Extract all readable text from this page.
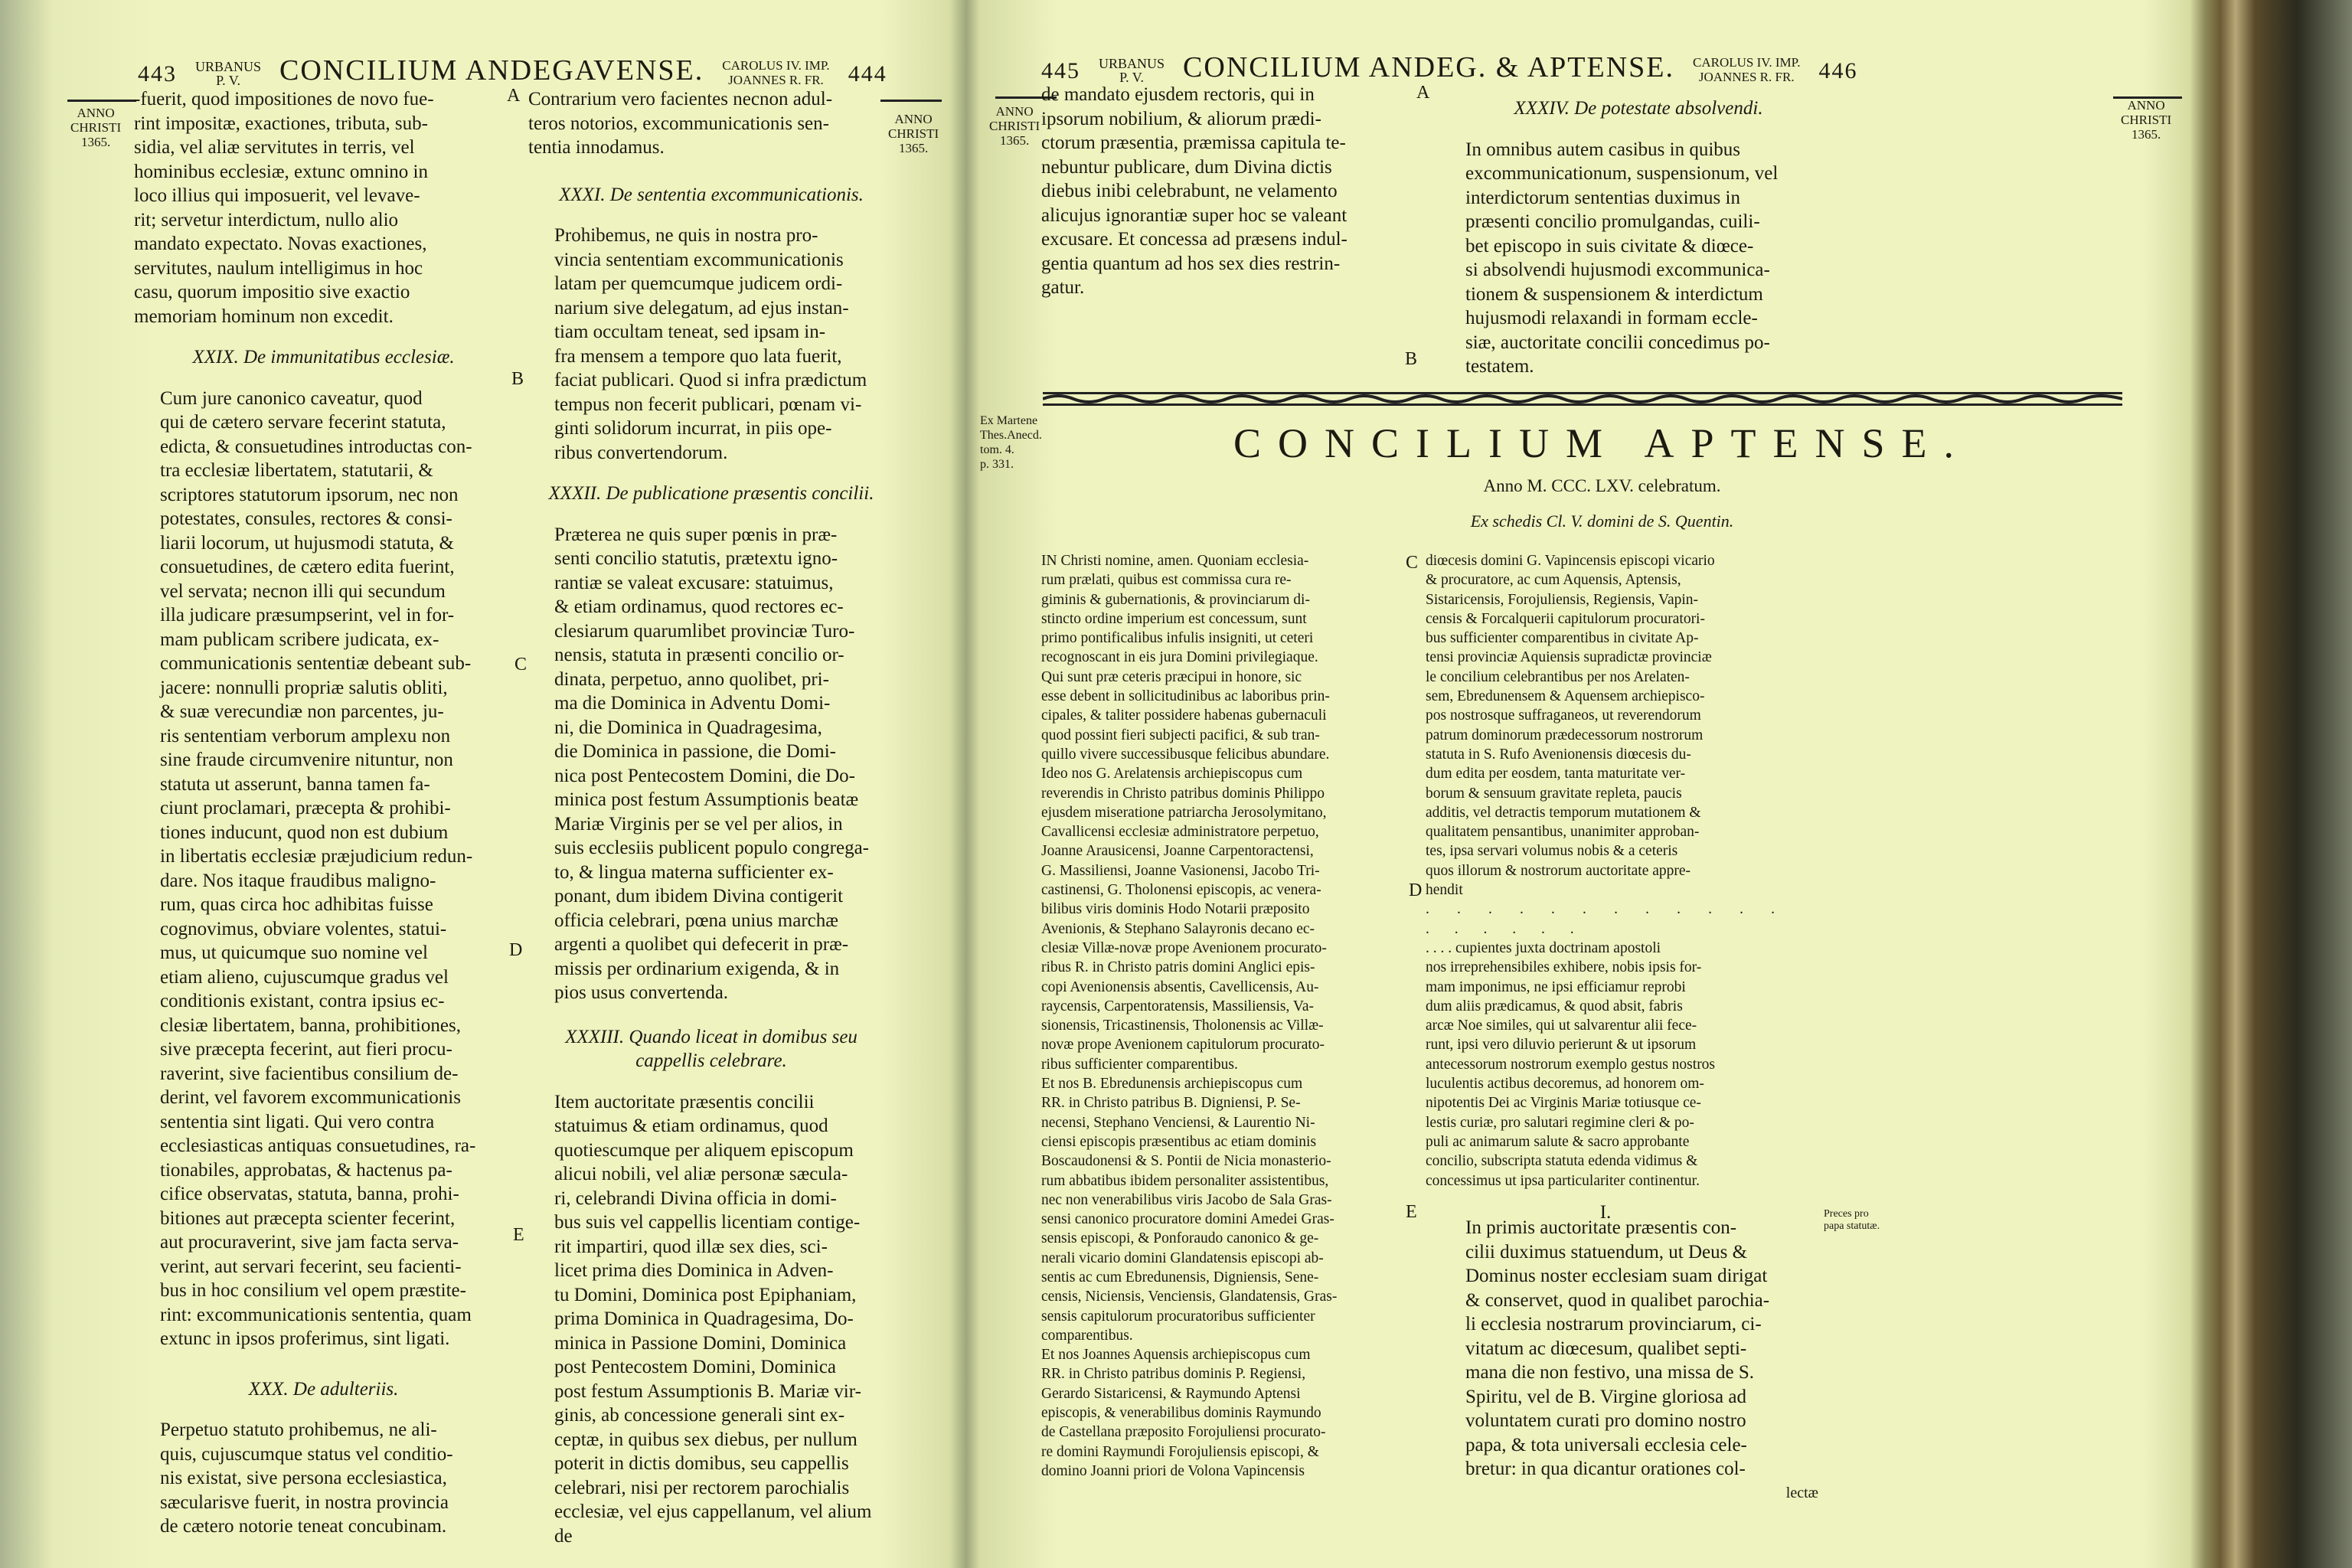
443 URBANUS
P. V.	CONCILIUM ANDEGAVENSE. CAROLUS IV. IMP.
JOANNES R. FR. 444
ANNO
CHRISTI
1365.
ANNO
CHRISTI
1365.
-fuerit, quod impositiones de novo fue-
rint impositæ, exactiones, tributa, sub-
sidia, vel aliæ servitutes in terris, vel
hominibus ecclesiæ, extunc omnino in
loco illius qui imposuerit, vel levave-
rit; servetur interdictum, nullo alio
mandato expectato. Novas exactiones,
servitutes, naulum intelligimus in hoc
casu, quorum impositio sive exactio
memoriam hominum non excedit.

XXIX. De immunitatibus ecclesiæ.

Cum jure canonico caveatur, quod
qui de cætero servare fecerint statuta,
edicta, & consuetudines introductas con-
tra ecclesiæ libertatem, statutarii, &
scriptores statutorum ipsorum, nec non
potestates, consules, rectores & consi-
liarii locorum, ut hujusmodi statuta, &
consuetudines, de cætero edita fuerint,
vel servata; necnon illi qui secundum
illa judicare præsumpserint, vel in for-
mam publicam scribere judicata, ex-
communicationis sententiæ debeant sub-
jacere: nonnulli propriæ salutis obliti,
& suæ verecundiæ non parcentes, ju-
ris sententiam verborum amplexu non
sine fraude circumvenire nituntur, non
statuta ut asserunt, banna tamen fa-
ciunt proclamari, præcepta & prohibi-
tiones inducunt, quod non est dubium
in libertatis ecclesiæ præjudicium redun-
dare. Nos itaque fraudibus maligno-
rum, quas circa hoc adhibitas fuisse
cognovimus, obviare volentes, statui-
mus, ut quicumque suo nomine vel
etiam alieno, cujuscumque gradus vel
conditionis existant, contra ipsius ec-
clesiæ libertatem, banna, prohibitiones,
sive præcepta fecerint, aut fieri procu-
raverint, sive facientibus consilium de-
derint, vel favorem excommunicationis
sententia sint ligati. Qui vero contra
ecclesiasticas antiquas consuetudines, ra-
tionabiles, approbatas, & hactenus pa-
cifice observatas, statuta, banna, prohi-
bitiones aut præcepta scienter fecerint,
aut procuraverint, sive jam facta serva-
verint, aut servari fecerint, seu facienti-
bus in hoc consilium vel opem præstite-
rint: excommunicationis sententia, quam
extunc in ipsos proferimus, sint ligati.

XXX. De adulteriis.

Perpetuo statuto prohibemus, ne ali-
quis, cujuscumque status vel conditio-
nis existat, sive persona ecclesiastica,
sæcularisve fuerit, in nostra provincia
de cætero notorie teneat concubinam.
Contrarium vero facientes necnon adul-
teros notorios, excommunicationis sen-
tentia innodamus.

XXXI. De sententia excommunicationis.

Prohibemus, ne quis in nostra pro-
vincia sententiam excommunicationis
latam per quemcumque judicem ordi-
narium sive delegatum, ad ejus instan-
tiam occultam teneat, sed ipsam in-
fra mensem a tempore quo lata fuerit,
faciat publicari. Quod si infra prædictum
tempus non fecerit publicari, pœnam vi-
ginti solidorum incurrat, in piis ope-
ribus convertendorum.

XXXII. De publicatione præsentis concilii.

Præterea ne quis super pœnis in præ-
senti concilio statutis, prætextu igno-
rantiæ se valeat excusare: statuimus,
& etiam ordinamus, quod rectores ec-
clesiarum quarumlibet provinciæ Turo-
nensis, statuta in præsenti concilio or-
dinata, perpetuo, anno quolibet, pri-
ma die Dominica in Adventu Domi-
ni, die Dominica in Quadragesima,
die Dominica in passione, die Domi-
nica post Pentecostem Domini, die Do-
minica post festum Assumptionis beatæ
Mariæ Virginis per se vel per alios, in
suis ecclesiis publicent populo congrega-
to, & lingua materna sufficienter ex-
ponant, dum ibidem Divina contigerit
officia celebrari, pœna unius marchæ
argenti a quolibet qui defecerit in præ-
missis per ordinarium exigenda, & in
pios usus convertenda.

XXXIII. Quando liceat in domibus seu

cappellis celebrare.

Item auctoritate præsentis concilii
statuimus & etiam ordinamus, quod
quotiescumque per aliquem episcopum
alicui nobili, vel aliæ personæ sæcula-
ri, celebrandi Divina officia in domi-
bus suis vel cappellis licentiam contige-
rit impartiri, quod illæ sex dies, sci-
licet prima dies Dominica in Adven-
tu Domini, Dominica post Epiphaniam,
prima Dominica in Quadragesima, Do-
minica in Passione Domini, Dominica
post Pentecostem Domini, Dominica
post festum Assumptionis B. Mariæ vir-
ginis, ab concessione generali sint ex-
ceptæ, in quibus sex diebus, per nullum
poterit in dictis domibus, seu cappellis
celebrari, nisi per rectorem parochialis
ecclesiæ, vel ejus cappellanum, vel alium
de
A
B
C
D
E
445 URBANUS
P. V.	CONCILIUM ANDEG. & APTENSE. CAROLUS IV. IMP.
JOANNES R. FR. 446
ANNO
CHRISTI
1365.
ANNO
CHRISTI
1365.
de mandato ejusdem rectoris, qui in
ipsorum nobilium, & aliorum prædi-
ctorum præsentia, præmissa capitula te-
nebuntur publicare, dum Divina dictis
diebus inibi celebrabunt, ne velamento
alicujus ignorantiæ super hoc se valeant
excusare. Et concessa ad præsens indul-
gentia quantum ad hos sex dies restrin-
gatur.

XXXIV. De potestate absolvendi.

In omnibus autem casibus in quibus
excommunicationum, suspensionum, vel
interdictorum sententias duximus in
præsenti concilio promulgandas, cuili-
bet episcopo in suis civitate & diœce-
si absolvendi hujusmodi excommunica-
tionem & suspensionem & interdictum
hujusmodi relaxandi in formam eccle-
siæ, auctoritate concilii concedimus po-
testatem.
A
B
Ex Martene
Thes.Anecd.
tom. 4.
p. 331.	CONCILIUM APTENSE.
Anno M. CCC. LXV. celebratum.
Ex schedis Cl. V. domini de S. Quentin.
IN Christi nomine, amen. Quoniam ecclesia-
rum prælati, quibus est commissa cura re-
giminis & gubernationis, & provinciarum di-
stincto ordine imperium est concessum, sunt
primo pontificalibus infulis insigniti, ut ceteri
recognoscant in eis jura Domini privilegiaque.
Qui sunt præ ceteris præcipui in honore, sic
esse debent in sollicitudinibus ac laboribus prin-
cipales, & taliter possidere habenas gubernaculi
quod possint fieri subjecti pacifici, & sub tran-
quillo vivere successibusque felicibus abundare.
Ideo nos G. Arelatensis archiepiscopus cum
reverendis in Christo patribus dominis Philippo
ejusdem miseratione patriarcha Jerosolymitano,
Cavallicensi ecclesiæ administratore perpetuo,
Joanne Arausicensi, Joanne Carpentoractensi,
G. Massiliensi, Joanne Vasionensi, Jacobo Tri-
castinensi, G. Tholonensi episcopis, ac venera-
bilibus viris dominis Hodo Notarii præposito
Avenionis, & Stephano Salayronis decano ec-
clesiæ Villæ-novæ prope Avenionem procurato-
ribus R. in Christo patris domini Anglici epis-
copi Avenionensis absentis, Cavellicensis, Au-
raycensis, Carpentoratensis, Massiliensis, Va-
sionensis, Tricastinensis, Tholonensis ac Villæ-
novæ prope Avenionem capitulorum procurato-
ribus sufficienter comparentibus.
Et nos B. Ebredunensis archiepiscopus cum
RR. in Christo patribus B. Digniensi, P. Se-
necensi, Stephano Venciensi, & Laurentio Ni-
ciensi episcopis præsentibus ac etiam dominis
Boscaudonensi & S. Pontii de Nicia monasterio-
rum abbatibus ibidem personaliter assistentibus,
nec non venerabilibus viris Jacobo de Sala Gras-
sensi canonico procuratore domini Amedei Gras-
sensis episcopi, & Ponforaudo canonico & ge-
nerali vicario domini Glandatensis episcopi ab-
sentis ac cum Ebredunensis, Digniensis, Sene-
censis, Niciensis, Venciensis, Glandatensis, Gras-
sensis capitulorum procuratoribus sufficienter
comparentibus.
Et nos Joannes Aquensis archiepiscopus cum
RR. in Christo patribus dominis P. Regiensi,
Gerardo Sistaricensi, & Raymundo Aptensi
episcopis, & venerabilibus dominis Raymundo
de Castellana præposito Forojuliensi procurato-
re domini Raymundi Forojuliensis episcopi, &
domino Joanni priori de Volona Vapincensis
diœcesis domini G. Vapincensis episcopi vicario
& procuratore, ac cum Aquensis, Aptensis,
Sistaricensis, Forojuliensis, Regiensis, Vapin-
censis & Forcalquerii capitulorum procuratori-
bus sufficienter comparentibus in civitate Ap-
tensi provinciæ Aquiensis supradictæ provinciæ
le concilium celebrantibus per nos Arelaten-
sem, Ebredunensem & Aquensem archiepisco-
pos nostrosque suffraganeos, ut reverendorum
patrum dominorum prædecessorum nostrorum
statuta in S. Rufo Avenionensis diœcesis du-
dum edita per eosdem, tanta maturitate ver-
borum & sensuum gravitate repleta, paucis
additis, vel detractis temporum mutationem &
qualitatem pensantibus, unanimiter approban-
tes, ipsa servari volumus nobis & a ceteris
quos illorum & nostrorum auctoritate appre-
hendit

. . . . . . . . . . . . . . . . . .

. . . . cupientes juxta doctrinam apostoli
nos irreprehensibiles exhibere, nobis ipsis for-
mam imponimus, ne ipsi efficiamur reprobi
dum aliis prædicamus, & quod absit, fabris
arcæ Noe similes, qui ut salvarentur alii fece-
runt, ipsi vero diluvio perierunt & ut ipsorum
antecessorum nostrorum exemplo gestus nostros
luculentis actibus decoremus, ad honorem om-
nipotentis Dei ac Virginis Mariæ totiusque ce-
lestis curiæ, pro salutari regimine cleri & po-
puli ac animarum salute & sacro approbante
concilio, subscripta statuta edenda vidimus &
concessimus ut ipsa particulariter continentur.

I.

In primis auctoritate præsentis con-
cilii duximus statuendum, ut Deus &
Dominus noster ecclesiam suam dirigat
& conservet, quod in qualibet parochia-
li ecclesia nostrarum provinciarum, ci-
vitatum ac diœcesum, qualibet septi-
mana die non festivo, una missa de S.
Spiritu, vel de B. Virgine gloriosa ad
voluntatem curati pro domino nostro
papa, & tota universali ecclesia cele-
bretur: in qua dicantur orationes col-

lectæ

Preces pro
papa statutæ.
C
D
E
